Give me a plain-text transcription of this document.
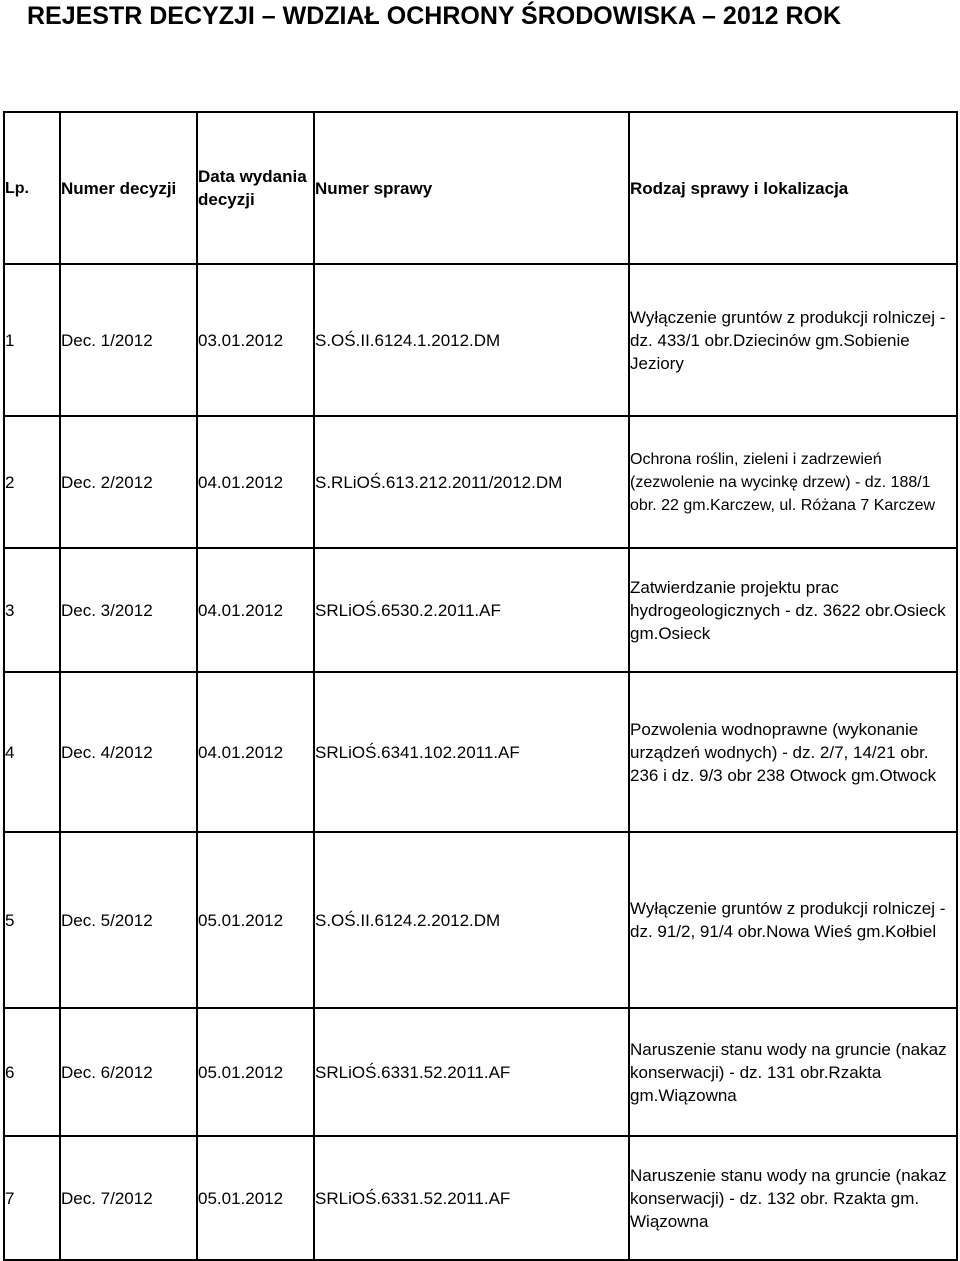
REJESTR DECYZJI – WDZIAŁ OCHRONY ŚRODOWISKA – 2012 ROK
Lp.	Numer decyzji	Data wydania decyzji	Numer sprawy	Rodzaj sprawy i lokalizacja
1	Dec. 1/2012	03.01.2012	S.OŚ.II.6124.1.2012.DM	Wyłączenie gruntów z produkcji rolniczej - dz. 433/1 obr.Dziecinów gm.Sobienie Jeziory

2	Dec. 2/2012	04.01.2012	S.RLiOŚ.613.212.2011/2012.DM	Ochrona roślin, zieleni i zadrzewień (zezwolenie na wycinkę drzew) - dz. 188/1 obr. 22 gm.Karczew, ul. Różana 7 Karczew

3	Dec. 3/2012	04.01.2012	SRLiOŚ.6530.2.2011.AF	Zatwierdzanie projektu prac hydrogeologicznych - dz. 3622 obr.Osieck gm.Osieck

4	Dec. 4/2012	04.01.2012	SRLiOŚ.6341.102.2011.AF	Pozwolenia wodnoprawne (wykonanie urządzeń wodnych) - dz. 2/7, 14/21 obr. 236 i dz. 9/3 obr 238 Otwock gm.Otwock

5	Dec. 5/2012	05.01.2012	S.OŚ.II.6124.2.2012.DM	Wyłączenie gruntów z produkcji rolniczej - dz. 91/2, 91/4 obr.Nowa Wieś gm.Kołbiel

6	Dec. 6/2012	05.01.2012	SRLiOŚ.6331.52.2011.AF	Naruszenie stanu wody na gruncie (nakaz konserwacji) - dz. 131 obr.Rzakta gm.Wiązowna

7	Dec. 7/2012	05.01.2012	SRLiOŚ.6331.52.2011.AF	Naruszenie stanu wody na gruncie (nakaz konserwacji) - dz. 132 obr. Rzakta gm. Wiązowna
